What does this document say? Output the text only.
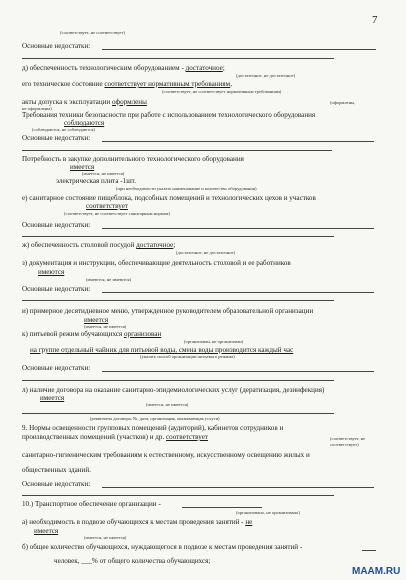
7
(соответствует, не соответствует)
Основные недостатки:
д) обеспеченность технологическим оборудованием - достаточное;
(достаточное, не достаточное)
его техническое состояние соответствует нормативным требованиям,
(соответствует, не соответствует нормативным требованиям)
акты допуска к эксплуатации оформлены	(оформлены,
не оформлены)
Требования техники безопасности при работе с использованием технологического оборудования
соблюдаются
(соблюдаются, не соблюдаются)
Основные недостатки:
Потребность в закупке дополнительного технологического оборудования
имеется
(имеется, не имеется)
электрическая плита -1шт.
(при необходимости указать наименование и количество оборудования)
е) санитарное состояние пищеблока, подсобных помещений и технологических цехов и участков
соответствует
(соответствует, не соответствует санитарным нормам)
Основные недостатки:
ж) обеспеченность столовой посудой достаточное;
(достаточное, не достаточное)
з) документация и инструкции, обеспечивающие деятельность столовой и ее работников
имеются
(имеются, не имеются)
Основные недостатки:
и) примерное десятидневное меню, утвержденное руководителем образовательной организации
имеется
(имеется, не имеется)
к) питьевой режим обучающихся организован
(организован, не организован)
на группе отдельный чайник для питьевой воды, смена воды производится каждый час
(указать способ организации питьевого режима)
Основные недостатки:
л) наличие договора на оказание санитарно-эпидемиологических услуг (дератизация, дезинфекция)
имеется
(имеется, не имеется)
(реквизиты договора, №, дата, организация, оказывающая услуги)
9. Нормы освещенности групповых помещений (аудиторий), кабинетов сотрудников и
производственных помещений (участков) и др. соответствует	(соответствует, не
соответствует)
санитарно-гигиеническим требованиям к естественному, искусственному освещению жилых и
общественных зданий.
Основные недостатки:
10.) Транспортное обеспечение организации -
(организовано, не организовано)
а) необходимость в подвозе обучающихся к местам проведения занятий - не
имеется
(имеется, не имеется)
б) общее количество обучающихся, нуждающегося в подвозе к местам проведения занятий -
человек, ___% от общего количества обучающихся;
MAAM.RU
